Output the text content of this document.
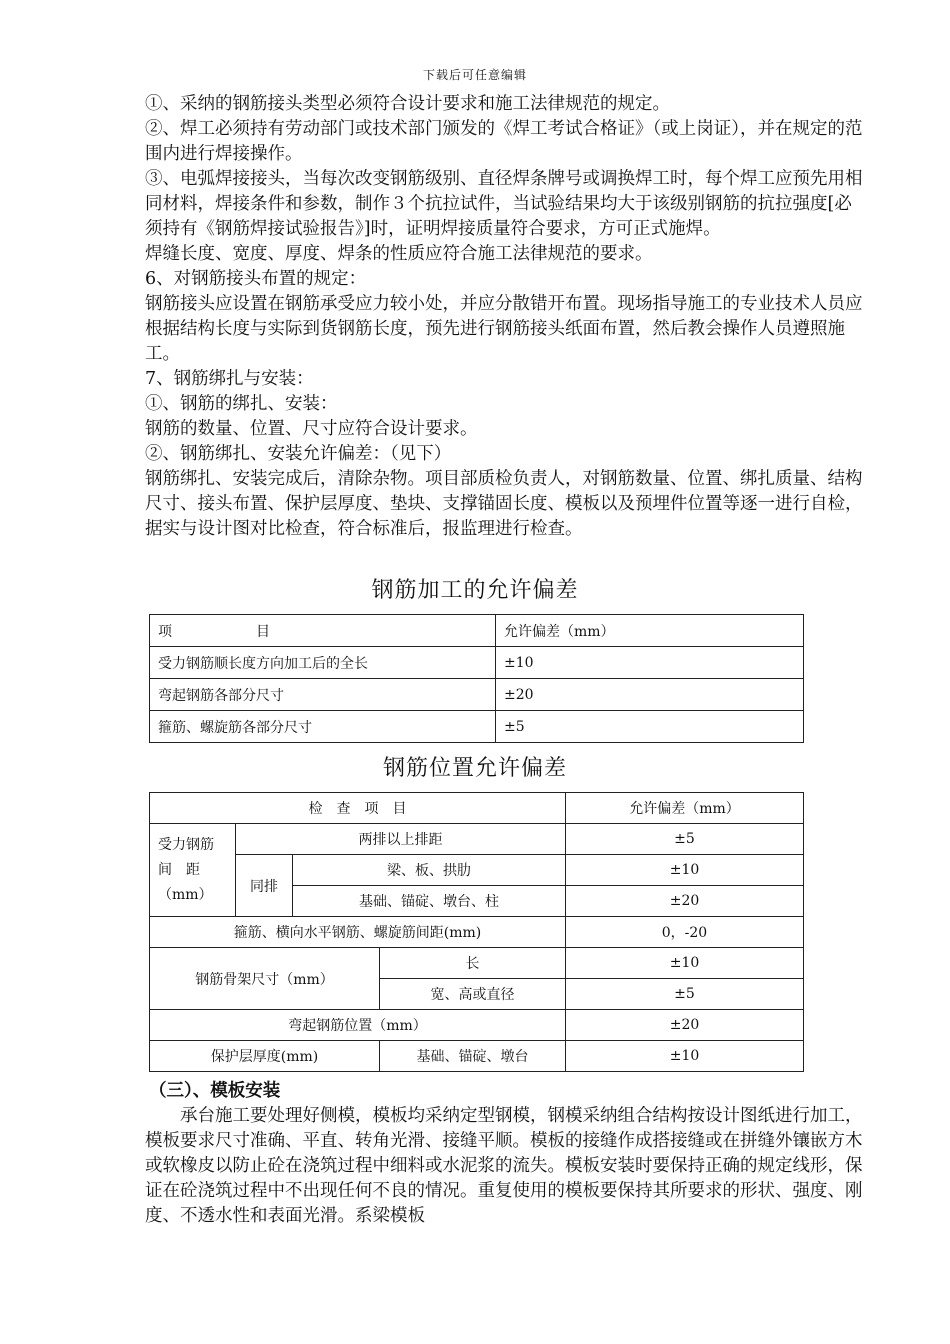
下载后可任意编辑

①、采纳的钢筋接头类型必须符合设计要求和施工法律规范的规定。

②、焊工必须持有劳动部门或技术部门颁发的《焊工考试合格证》（或上岗证），并在规定的范围内进行焊接操作。

③、电弧焊接接头，当每次改变钢筋级别、直径焊条牌号或调换焊工时，每个焊工应预先用相同材料，焊接条件和参数，制作３个抗拉试件，当试验结果均大于该级别钢筋的抗拉强度[必须持有《钢筋焊接试验报告》]时，证明焊接质量符合要求，方可正式施焊。

焊缝长度、宽度、厚度、焊条的性质应符合施工法律规范的要求。

6、对钢筋接头布置的规定：

钢筋接头应设置在钢筋承受应力较小处，并应分散错开布置。现场指导施工的专业技术人员应根据结构长度与实际到货钢筋长度，预先进行钢筋接头纸面布置，然后教会操作人员遵照施工。

7、钢筋绑扎与安装：

①、钢筋的绑扎、安装：

钢筋的数量、位置、尺寸应符合设计要求。

②、钢筋绑扎、安装允许偏差：（见下）

钢筋绑扎、安装完成后，清除杂物。项目部质检负责人，对钢筋数量、位置、绑扎质量、结构尺寸、接头布置、保护层厚度、垫块、支撑锚固长度、模板以及预埋件位置等逐一进行自检，据实与设计图对比检查，符合标准后，报监理进行检查。

钢筋加工的允许偏差
项　　　　　　目	允许偏差（mm）
受力钢筋顺长度方向加工后的全长	±10
弯起钢筋各部分尺寸	±20
箍筋、螺旋筋各部分尺寸	±5
钢筋位置允许偏差
检　查　项　目				允许偏差（mm）
受力钢筋间　距（mm）	两排以上排距			±5
	同排	梁、板、拱肋		±10
		基础、锚碇、墩台、柱		±20
箍筋、横向水平钢筋、螺旋筋间距(mm)				0，-20
钢筋骨架尺寸（mm）			长	±10
			宽、高或直径	±5
弯起钢筋位置（mm）				±20
保护层厚度(mm)			基础、锚碇、墩台	±10
（三）、模板安装

承台施工要处理好侧模，模板均采纳定型钢模，钢模采纳组合结构按设计图纸进行加工，模板要求尺寸准确、平直、转角光滑、接缝平顺。模板的接缝作成搭接缝或在拼缝外镶嵌方木或软橡皮以防止砼在浇筑过程中细料或水泥浆的流失。模板安装时要保持正确的规定线形，保证在砼浇筑过程中不出现任何不良的情况。重复使用的模板要保持其所要求的形状、强度、刚度、不透水性和表面光滑。系梁模板
